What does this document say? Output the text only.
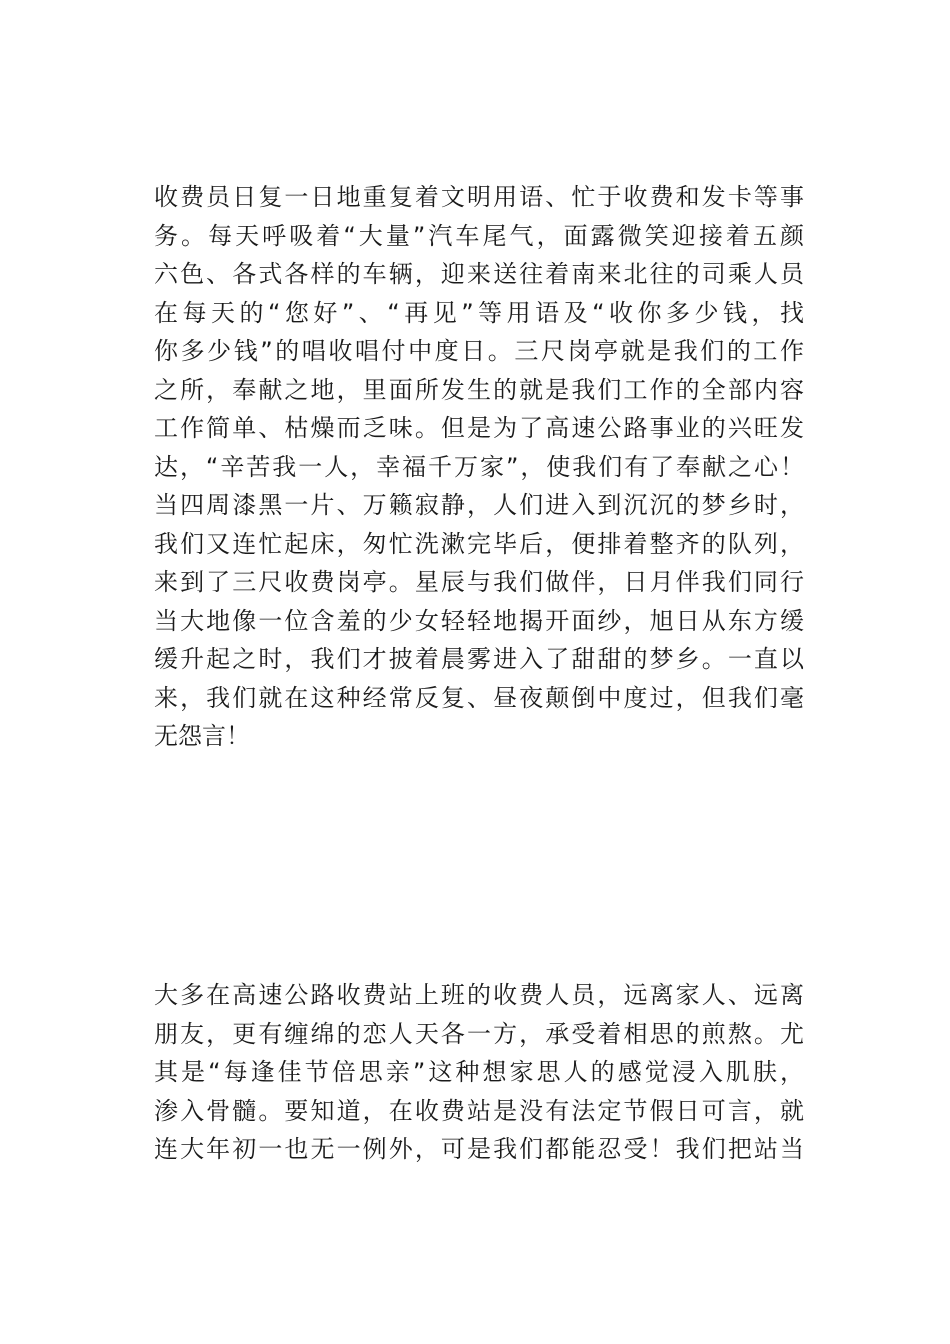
收费员日复一日地重复着文明用语、忙于收费和发卡等事
务。每天呼吸着“大量”汽车尾气，面露微笑迎接着五颜
六色、各式各样的车辆，迎来送往着南来北往的司乘人员
在每天的“您好”、“再见”等用语及“收你多少钱，找
你多少钱”的唱收唱付中度日。三尺岗亭就是我们的工作
之所，奉献之地，里面所发生的就是我们工作的全部内容
工作简单、枯燥而乏味。但是为了高速公路事业的兴旺发
达，“辛苦我一人，幸福千万家”，使我们有了奉献之心！
当四周漆黑一片、万籁寂静，人们进入到沉沉的梦乡时，
我们又连忙起床，匆忙洗漱完毕后，便排着整齐的队列，
来到了三尺收费岗亭。星辰与我们做伴，日月伴我们同行
当大地像一位含羞的少女轻轻地揭开面纱，旭日从东方缓
缓升起之时，我们才披着晨雾进入了甜甜的梦乡。一直以
来，我们就在这种经常反复、昼夜颠倒中度过，但我们毫
无怨言！

大多在高速公路收费站上班的收费人员，远离家人、远离
朋友，更有缠绵的恋人天各一方，承受着相思的煎熬。尤
其是“每逢佳节倍思亲”这种想家思人的感觉浸入肌肤，
渗入骨髓。要知道，在收费站是没有法定节假日可言，就
连大年初一也无一例外，可是我们都能忍受！我们把站当
